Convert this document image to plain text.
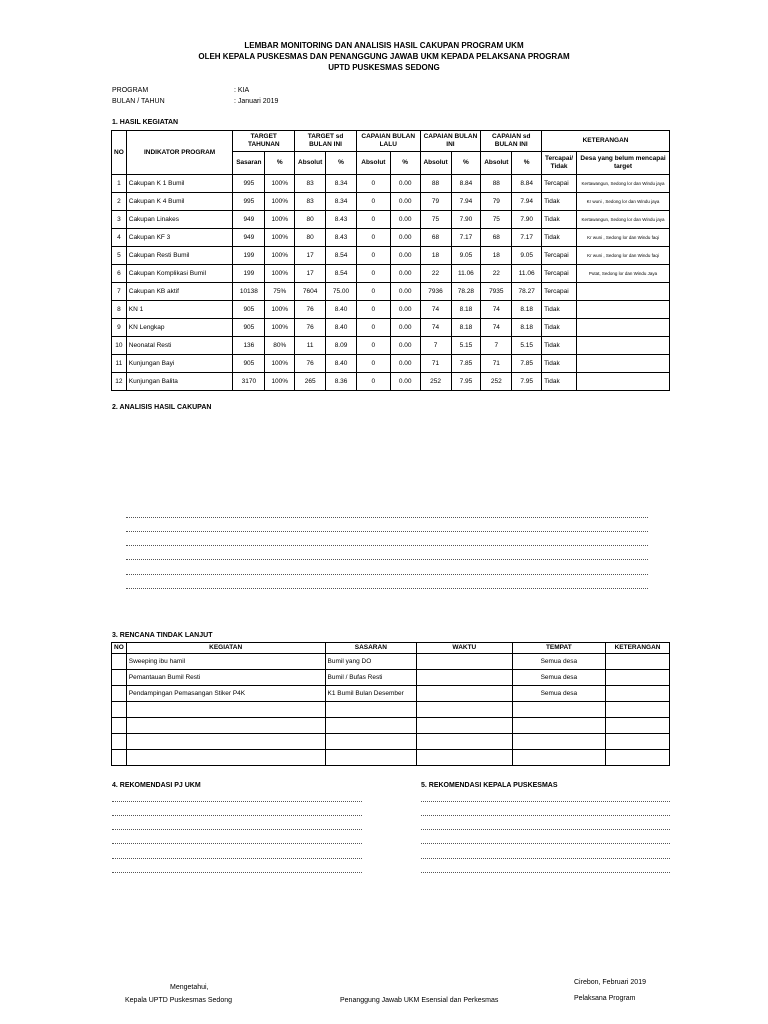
LEMBAR MONITORING DAN ANALISIS HASIL CAKUPAN PROGRAM UKM
OLEH KEPALA PUSKESMAS DAN PENANGGUNG JAWAB UKM KEPADA PELAKSANA PROGRAM
UPTD PUSKESMAS SEDONG
PROGRAM	: KIA
BULAN / TAHUN	: Januari 2019
1. HASIL KEGIATAN
NO	INDIKATOR PROGRAM	TARGET TAHUNAN		TARGET sd BULAN INI		CAPAIAN BULAN LALU		CAPAIAN BULAN INI		CAPAIAN sd BULAN INI		KETERANGAN	
		Sasaran	%	Absolut	%	Absolut	%	Absolut	%	Absolut	%	Tercapai/ Tidak	Desa yang belum mencapai target
1	Cakupan K 1 Bumil	995	100%	83	8.34	0	0.00	88	8.84	88	8.84	Tercapai	Kertawangun, Sedong lor dan Windu jaya
2	Cakupan K 4 Bumil	995	100%	83	8.34	0	0.00	79	7.94	79	7.94	Tidak	Kr wuni , Sedong lor dan Windu jaya
3	Cakupan Linakes	949	100%	80	8.43	0	0.00	75	7.90	75	7.90	Tidak	Kertawangun, Sedong lor dan Windu jaya
4	Cakupan KF 3	949	100%	80	8.43	0	0.00	68	7.17	68	7.17	Tidak	Kr wuni , Sedong lor dan Windu faqi
5	Cakupan Resti Bumil	199	100%	17	8.54	0	0.00	18	9.05	18	9.05	Tercapai	Kr wuni , Sedong lor dan Windu faqi
6	Cakupan Komplikasi Bumil	199	100%	17	8.54	0	0.00	22	11.06	22	11.06	Tercapai	Putat, Sedong lor dan Windu Jaya
7	Cakupan KB aktif	10138	75%	7604	75.00	0	0.00	7936	78.28	7935	78.27	Tercapai	
8	KN 1	905	100%	76	8.40	0	0.00	74	8.18	74	8.18	Tidak	
9	KN Lengkap	905	100%	76	8.40	0	0.00	74	8.18	74	8.18	Tidak	
10	Neonatal Resti	136	80%	11	8.09	0	0.00	7	5.15	7	5.15	Tidak	
11	Kunjungan Bayi	905	100%	76	8.40	0	0.00	71	7.85	71	7.85	Tidak	
12	Kunjungan Balita	3170	100%	265	8.36	0	0.00	252	7.95	252	7.95	Tidak	
2. ANALISIS HASIL CAKUPAN
3. RENCANA TINDAK LANJUT
NO	KEGIATAN	SASARAN	WAKTU	TEMPAT	KETERANGAN
	Sweeping ibu hamil	Bumil yang DO		Semua desa	
	Pemantauan Bumil Resti	Bumil / Bufas Resti		Semua desa	
	Pendampingan Pemasangan Stiker P4K	K1 Bumil Bulan Desember		Semua desa	

4. REKOMENDASI PJ UKM	5. REKOMENDASI KEPALA PUSKESMAS
Mengetahui,
Kepala UPTD Puskesmas Sedong	Penanggung Jawab UKM Esensial dan Perkesmas
Cirebon, Februari 2019
Pelaksana Program
